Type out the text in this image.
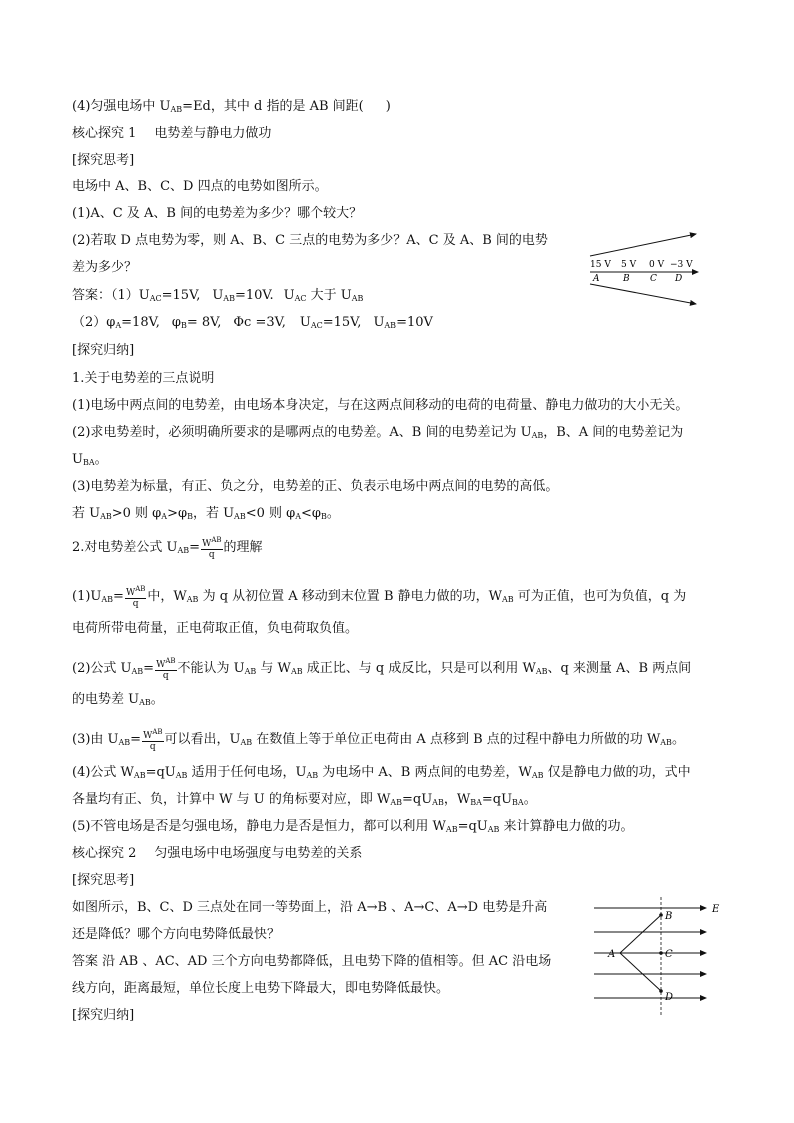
(4)匀强电场中 $U_{AB}=Ed$，其中 d 指的是 AB 间距( )
核心探究 1 电势差与静电力做功
[探究思考]
电场中 A、B、C、D 四点的电势如图所示。
(1)A、C 及 A、B 间的电势差为多少？哪个较大？
(2)若取 D 点电势为零，则 A、B、C 三点的电势为多少？A、C 及 A、B 间的电势
差为多少？
答案：$(1)U_{AC}=15V$, $U_{AB}=10V$. $U_{AC}$ 大于 $U_{AB}$
$(2)\varphi_A=18V$, $\varphi_B= 8V$, Φc =3V, $U_{AC}=15V$, $U_{AB}=10V$
[探究归纳]
1.关于电势差的三点说明
(1)电场中两点间的电势差，由电场本身决定，与在这两点间移动的电荷的电荷量、静电力做功的大小无关。
(2)求电势差时，必须明确所要求的是哪两点的电势差。A、B 间的电势差记为 $U_{AB}$，B、A 间的电势差记为
$U_{BA}$。
(3)电势差为标量，有正、负之分，电势差的正、负表示电场中两点间的电势的高低。
若 $U_{AB}>0$ 则 $\varphi_A>\varphi_B$，若 $U_{AB}<0$ 则 $\varphi_A<\varphi_B$。
2.对电势差公式 $U_{AB}= \frac{W^{AB}}{q}$ 的理解
$(1)U_{AB}= \frac{W^{AB}}{q}$ 中，$W_{AB}$ 为 q 从初位置 A 移动到末位置 B 静电力做的功，$W_{AB}$ 可为正值，也可为负值，q 为
电荷所带电荷量，正电荷取正值，负电荷取负值。
(2)公式 $U_{AB}= \frac{W^{AB}}{q}$ 不能认为 $U_{AB}$ 与 $W_{AB}$ 成正比、与 q 成反比，只是可以利用 $W_{AB}$、q 来测量 A、B 两点间
的电势差 $U_{AB}$。
(3)由 $U_{AB}= \frac{W^{AB}}{q}$ 可以看出，$U_{AB}$ 在数值上等于单位正电荷由 A 点移到 B 点的过程中静电力所做的功 $W_{AB}$。
(4)公式 $W_{AB}=qU_{AB}$ 适用于任何电场，$U_{AB}$ 为电场中 A、B 两点间的电势差，$W_{AB}$ 仅是静电力做的功，式中
各量均有正、负，计算中 W 与 U 的角标要对应，即 $W_{AB}=qU_{AB}$，$W_{BA}=qU_{BA}$。
(5)不管电场是否是匀强电场，静电力是否是恒力，都可以利用 $W_{AB}=qU_{AB}$ 来计算静电力做的功。
核心探究 2 匀强电场中电场强度与电势差的关系
[探究思考]
如图所示，B、C、D 三点处在同一等势面上，沿 A→B 、A→C、A→D 电势是升高
还是降低？哪个方向电势降低最快？
答案 沿 AB 、AC、AD 三个方向电势都降低，且电势下降的值相等。但 AC 沿电场
线方向，距离最短，单位长度上电势下降最大，即电势降低最快。
[探究归纳]
15 V 5 V 0 V −3 V
A	B C D
E
A
B
C
D
